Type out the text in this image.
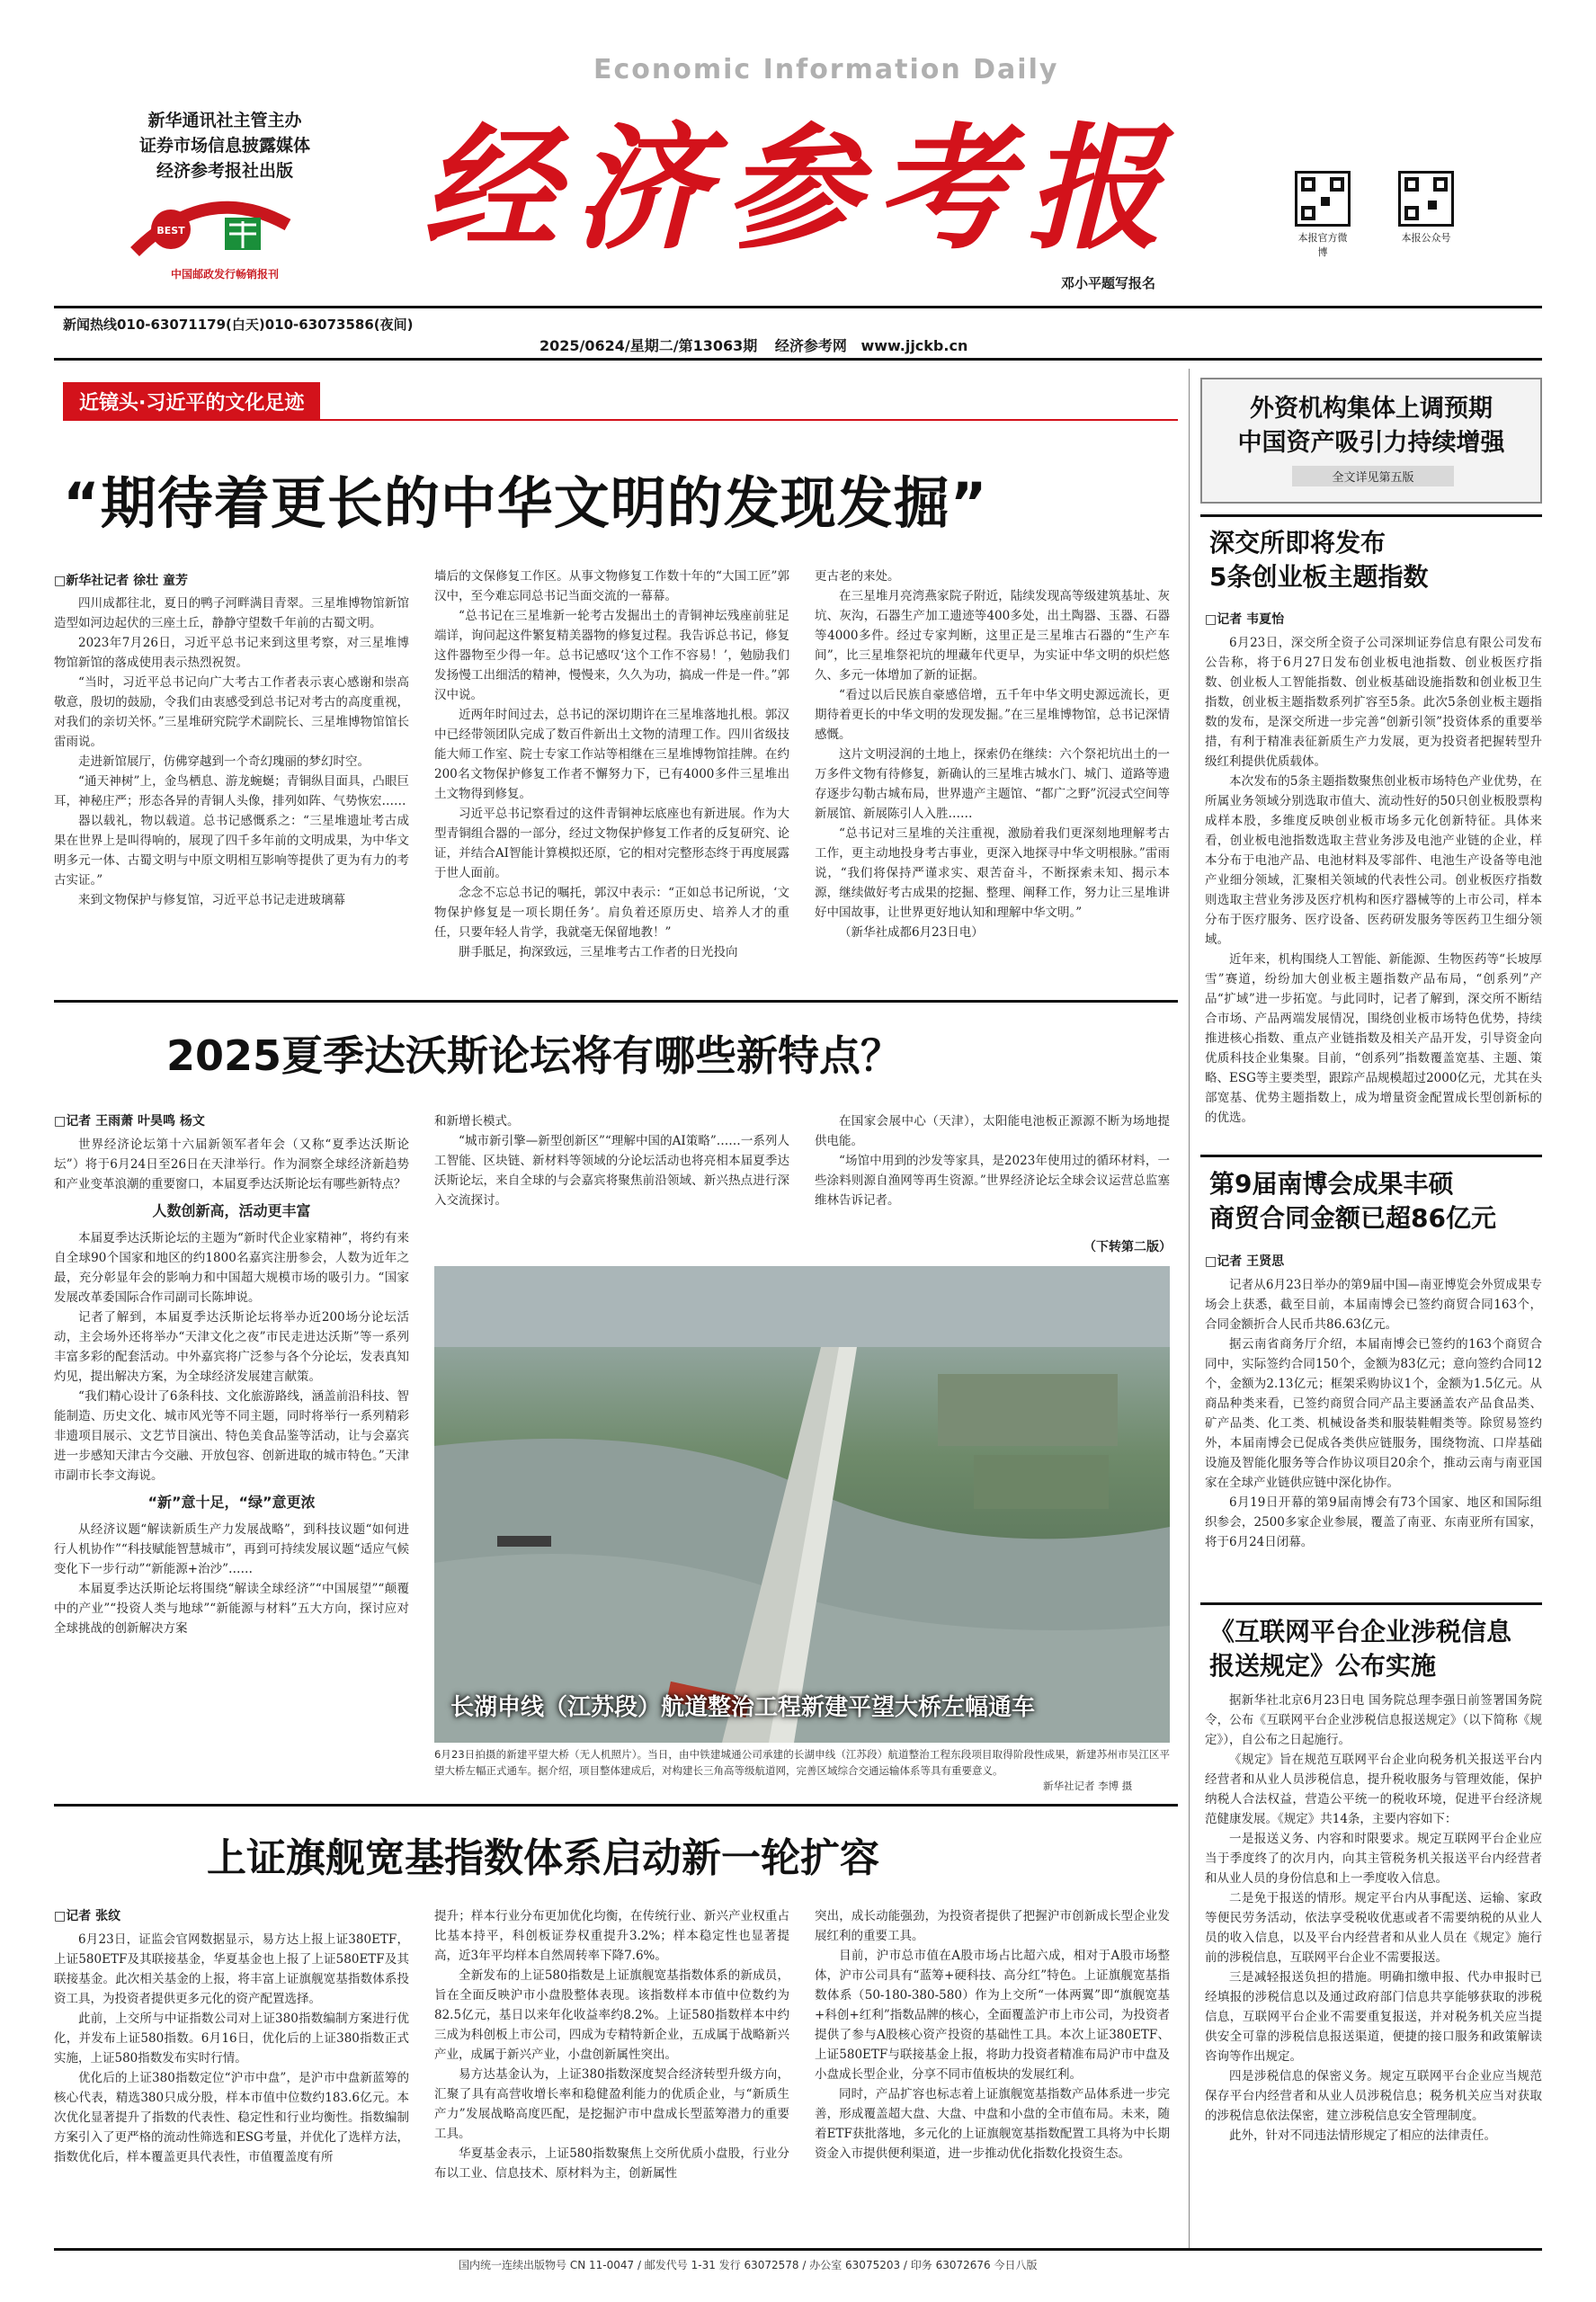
Economic Information Daily
新华通讯社主管主办
证券市场信息披露媒体
经济参考报社出版
BEST
中国邮政发行畅销报刊
经济参考报
邓小平题写报名
本报官方微博
本报公众号
新闻热线010-63071179(白天)010-63073586(夜间)
2025/0624/星期二/第13063期 经济参考网 www.jjckb.cn
近镜头·习近平的文化足迹
“期待着更长的中华文明的发现发掘”
□新华社记者 徐壮 童芳

四川成都往北，夏日的鸭子河畔满目青翠。三星堆博物馆新馆造型如河边起伏的三座土丘，静静守望数千年前的古蜀文明。

2023年7月26日，习近平总书记来到这里考察，对三星堆博物馆新馆的落成使用表示热烈祝贺。

“当时，习近平总书记向广大考古工作者表示衷心感谢和崇高敬意，殷切的鼓励，令我们由衷感受到总书记对考古的高度重视，对我们的亲切关怀。”三星堆研究院学术副院长、三星堆博物馆馆长雷雨说。

走进新馆展厅，仿佛穿越到一个奇幻瑰丽的梦幻时空。

“通天神树”上，金鸟栖息、游龙蜿蜒；青铜纵目面具，凸眼巨耳，神秘庄严；形态各异的青铜人头像，排列如阵、气势恢宏……

器以载礼，物以载道。总书记感慨系之：“三星堆遗址考古成果在世界上是叫得响的，展现了四千多年前的文明成果，为中华文明多元一体、古蜀文明与中原文明相互影响等提供了更为有力的考古实证。”

来到文物保护与修复馆，习近平总书记走进玻璃幕

墙后的文保修复工作区。从事文物修复工作数十年的“大国工匠”郭汉中，至今难忘同总书记当面交流的一幕幕。

“总书记在三星堆新一轮考古发掘出土的青铜神坛残座前驻足端详，询问起这件繁复精美器物的修复过程。我告诉总书记，修复这件器物至少得一年。总书记感叹‘这个工作不容易！’，勉励我们发扬慢工出细活的精神，慢慢来，久久为功，搞成一件是一件。”郭汉中说。

近两年时间过去，总书记的深切期许在三星堆落地扎根。郭汉中已经带领团队完成了数百件新出土文物的清理工作。四川省级技能大师工作室、院士专家工作站等相继在三星堆博物馆挂牌。在约200名文物保护修复工作者不懈努力下，已有4000多件三星堆出土文物得到修复。

习近平总书记察看过的这件青铜神坛底座也有新进展。作为大型青铜组合器的一部分，经过文物保护修复工作者的反复研究、论证，并结合AI智能计算模拟还原，它的相对完整形态终于再度展露于世人面前。

念念不忘总书记的嘱托，郭汉中表示：“正如总书记所说，‘文物保护修复是一项长期任务’。肩负着还原历史、培养人才的重任，只要年轻人肯学，我就毫无保留地教！”

胼手胝足，拘深致远，三星堆考古工作者的日光投向

更古老的来处。

在三星堆月亮湾燕家院子附近，陆续发现高等级建筑基址、灰坑、灰沟，石器生产加工遗迹等400多处，出土陶器、玉器、石器等4000多件。经过专家判断，这里正是三星堆古石器的“生产车间”，比三星堆祭祀坑的埋藏年代更早，为实证中华文明的炽烂悠久、多元一体增加了新的证据。

“看过以后民族自豪感倍增，五千年中华文明史源远流长，更期待着更长的中华文明的发现发掘。”在三星堆博物馆，总书记深情感慨。

这片文明浸润的土地上，探索仍在继续：六个祭祀坑出土的一万多件文物有待修复，新确认的三星堆古城水门、城门、道路等遗存逐步勾勒古城布局，世界遗产主题馆、“都广之野”沉浸式空间等新展馆、新展陈引人入胜……

“总书记对三星堆的关注重视，激励着我们更深刻地理解考古工作，更主动地投身考古事业，更深入地探寻中华文明根脉。”雷雨说，“我们将保持严谨求实、艰苦奋斗，不断探索未知、揭示本源，继续做好考古成果的挖掘、整理、阐释工作，努力让三星堆讲好中国故事，让世界更好地认知和理解中华文明。”

（新华社成都6月23日电）

2025夏季达沃斯论坛将有哪些新特点？
□记者 王雨萧 叶昊鸣 杨文

世界经济论坛第十六届新领军者年会（又称“夏季达沃斯论坛”）将于6月24日至26日在天津举行。作为洞察全球经济新趋势和产业变革浪潮的重要窗口，本届夏季达沃斯论坛有哪些新特点？

人数创新高，活动更丰富

本届夏季达沃斯论坛的主题为“新时代企业家精神”，将约有来自全球90个国家和地区的约1800名嘉宾注册参会，人数为近年之最，充分彰显年会的影响力和中国超大规模市场的吸引力。“国家发展改革委国际合作司副司长陈坤说。

记者了解到，本届夏季达沃斯论坛将举办近200场分论坛活动，主会场外还将举办“天津文化之夜”市民走进达沃斯”等一系列丰富多彩的配套活动。中外嘉宾将广泛参与各个分论坛，发表真知灼见，提出解决方案，为全球经济发展建言献策。

“我们精心设计了6条科技、文化旅游路线，涵盖前沿科技、智能制造、历史文化、城市风光等不同主题，同时将举行一系列精彩非遗项目展示、文艺节目演出、特色美食品鉴等活动，让与会嘉宾进一步感知天津古今交融、开放包容、创新进取的城市特色。”天津市副市长李文海说。

“新”意十足，“绿”意更浓

从经济议题“解读新质生产力发展战略”，到科技议题“如何进行人机协作”“科技赋能智慧城市”，再到可持续发展议题“适应气候变化下一步行动”“新能源+治沙”……

本届夏季达沃斯论坛将围绕“解读全球经济”“中国展望”“颠覆中的产业”“投资人类与地球”“新能源与材料”五大方向，探讨应对全球挑战的创新解决方案

和新增长模式。

“城市新引擎—新型创新区”“理解中国的AI策略”……一系列人工智能、区块链、新材料等领域的分论坛活动也将亮相本届夏季达沃斯论坛，来自全球的与会嘉宾将聚焦前沿领域、新兴热点进行深入交流探讨。

在国家会展中心（天津），太阳能电池板正源源不断为场地提供电能。

“场馆中用到的沙发等家具，是2023年使用过的循环材料，一些涂料则源自渔网等再生资源。”世界经济论坛全球会议运营总监塞维林告诉记者。

（下转第二版）
长湖申线（江苏段）航道整治工程新建平望大桥左幅通车
6月23日拍摄的新建平望大桥（无人机照片）。当日，由中铁建城通公司承建的长湖申线（江苏段）航道整治工程东段项目取得阶段性成果，新建苏州市吴江区平望大桥左幅正式通车。据介绍，项目整体建成后，对构建长三角高等级航道网，完善区域综合交通运输体系等具有重要意义。
新华社记者 李博 摄
上证旗舰宽基指数体系启动新一轮扩容
□记者 张纹

6月23日，证监会官网数据显示，易方达上报上证380ETF，上证580ETF及其联接基金，华夏基金也上报了上证580ETF及其联接基金。此次相关基金的上报，将丰富上证旗舰宽基指数体系投资工具，为投资者提供更多元化的资产配置选择。

此前，上交所与中证指数公司对上证380指数编制方案进行优化，并发布上证580指数。6月16日，优化后的上证380指数正式实施，上证580指数发布实时行情。

优化后的上证380指数定位“沪市中盘”，是沪市中盘新蓝筹的核心代表，精选380只成分股，样本市值中位数约183.6亿元。本次优化显著提升了指数的代表性、稳定性和行业均衡性。指数编制方案引入了更严格的流动性筛选和ESG考量，并优化了选样方法，指数优化后，样本覆盖更具代表性，市值覆盖度有所

提升；样本行业分布更加优化均衡，在传统行业、新兴产业权重占比基本持平，科创板证券权重提升3.2%；样本稳定性也显著提高，近3年平均样本自然周转率下降7.6%。

全新发布的上证580指数是上证旗舰宽基指数体系的新成员，旨在全面反映沪市小盘股整体表现。该指数样本市值中位数约为82.5亿元，基日以来年化收益率约8.2%。上证580指数样本中约三成为科创板上市公司，四成为专精特新企业，五成属于战略新兴产业，成属于新兴产业，小盘创新属性突出。

易方达基金认为，上证380指数深度契合经济转型升级方向，汇聚了具有高营收增长率和稳健盈利能力的优质企业，与“新质生产力”发展战略高度匹配，是挖掘沪市中盘成长型蓝筹潜力的重要工具。

华夏基金表示，上证580指数聚焦上交所优质小盘股，行业分布以工业、信息技术、原材料为主，创新属性

突出，成长动能强劲，为投资者提供了把握沪市创新成长型企业发展红利的重要工具。

目前，沪市总市值在A股市场占比超六成，相对于A股市场整体，沪市公司具有“蓝筹+硬科技、高分红”特色。上证旗舰宽基指数体系（50-180-380-580）作为上交所“一体两翼”即“旗舰宽基+科创+红利”指数品牌的核心，全面覆盖沪市上市公司，为投资者提供了参与A股核心资产投资的基础性工具。本次上证380ETF、上证580ETF与联接基金上报，将助力投资者精准布局沪市中盘及小盘成长型企业，分享不同市值板块的发展红利。

同时，产品扩容也标志着上证旗舰宽基指数产品体系进一步完善，形成覆盖超大盘、大盘、中盘和小盘的全市值布局。未来，随着ETF获批落地，多元化的上证旗舰宽基指数配置工具将为中长期资金入市提供便利渠道，进一步推动优化指数化投资生态。

外资机构集体上调预期
中国资产吸引力持续增强
全文详见第五版
深交所即将发布
5条创业板主题指数
□记者 韦夏怡

6月23日，深交所全资子公司深圳证券信息有限公司发布公告称，将于6月27日发布创业板电池指数、创业板医疗指数、创业板人工智能指数、创业板基础设施指数和创业板卫生指数，创业板主题指数系列扩容至5条。此次5条创业板主题指数的发布，是深交所进一步完善“创新引领”投资体系的重要举措，有利于精准表征新质生产力发展，更为投资者把握转型升级红利提供优质载体。

本次发布的5条主题指数聚焦创业板市场特色产业优势，在所属业务领域分别选取市值大、流动性好的50只创业板股票构成样本股，多维度反映创业板市场多元化创新特征。具体来看，创业板电池指数选取主营业务涉及电池产业链的企业，样本分布于电池产品、电池材料及零部件、电池生产设备等电池产业细分领域，汇聚相关领域的代表性公司。创业板医疗指数则选取主营业务涉及医疗机构和医疗器械等的上市公司，样本分布于医疗服务、医疗设备、医药研发服务等医药卫生细分领域。

近年来，机构围绕人工智能、新能源、生物医药等“长坡厚雪”赛道，纷纷加大创业板主题指数产品布局，“创系列”产品“扩域”进一步拓宽。与此同时，记者了解到，深交所不断结合市场、产品两端发展情况，围绕创业板市场特色优势，持续推进核心指数、重点产业链指数及相关产品开发，引导资金向优质科技企业集聚。目前，“创系列”指数覆盖宽基、主题、策略、ESG等主要类型，跟踪产品规模超过2000亿元，尤其在头部宽基、优势主题指数上，成为增量资金配置成长型创新标的的优选。

第9届南博会成果丰硕
商贸合同金额已超86亿元
□记者 王贤思

记者从6月23日举办的第9届中国—南亚博览会外贸成果专场会上获悉，截至目前，本届南博会已签约商贸合同163个，合同金额折合人民币共86.63亿元。

据云南省商务厅介绍，本届南博会已签约的163个商贸合同中，实际签约合同150个，金额为83亿元；意向签约合同12个，金额为2.13亿元；框架采购协议1个，金额为1.5亿元。从商品种类来看，已签约商贸合同产品主要涵盖农产品食品类、矿产品类、化工类、机械设备类和服装鞋帽类等。除贸易签约外，本届南博会已促成各类供应链服务，围绕物流、口岸基础设施及智能化服务等合作协议项目20余个，推动云南与南亚国家在全球产业链供应链中深化协作。

6月19日开幕的第9届南博会有73个国家、地区和国际组织参会，2500多家企业参展，覆盖了南亚、东南亚所有国家，将于6月24日闭幕。

《互联网平台企业涉税信息
报送规定》公布实施

据新华社北京6月23日电 国务院总理李强日前签署国务院令，公布《互联网平台企业涉税信息报送规定》（以下简称《规定》），自公布之日起施行。

《规定》旨在规范互联网平台企业向税务机关报送平台内经营者和从业人员涉税信息，提升税收服务与管理效能，保护纳税人合法权益，营造公平统一的税收环境，促进平台经济规范健康发展。《规定》共14条，主要内容如下：

一是报送义务、内容和时限要求。规定互联网平台企业应当于季度终了的次月内，向其主管税务机关报送平台内经营者和从业人员的身份信息和上一季度收入信息。

二是免于报送的情形。规定平台内从事配送、运输、家政等便民劳务活动，依法享受税收优惠或者不需要纳税的从业人员的收入信息，以及平台内经营者和从业人员在《规定》施行前的涉税信息，互联网平台企业不需要报送。

三是减轻报送负担的措施。明确扣缴申报、代办申报时已经填报的涉税信息以及通过政府部门信息共享能够获取的涉税信息，互联网平台企业不需要重复报送，并对税务机关应当提供安全可靠的涉税信息报送渠道，便捷的接口服务和政策解读咨询等作出规定。

四是涉税信息的保密义务。规定互联网平台企业应当规范保存平台内经营者和从业人员涉税信息；税务机关应当对获取的涉税信息依法保密，建立涉税信息安全管理制度。

此外，针对不同违法情形规定了相应的法律责任。

国内统一连续出版物号 CN 11-0047 / 邮发代号 1-31 发行 63072578 / 办公室 63075203 / 印务 63072676 今日八版
